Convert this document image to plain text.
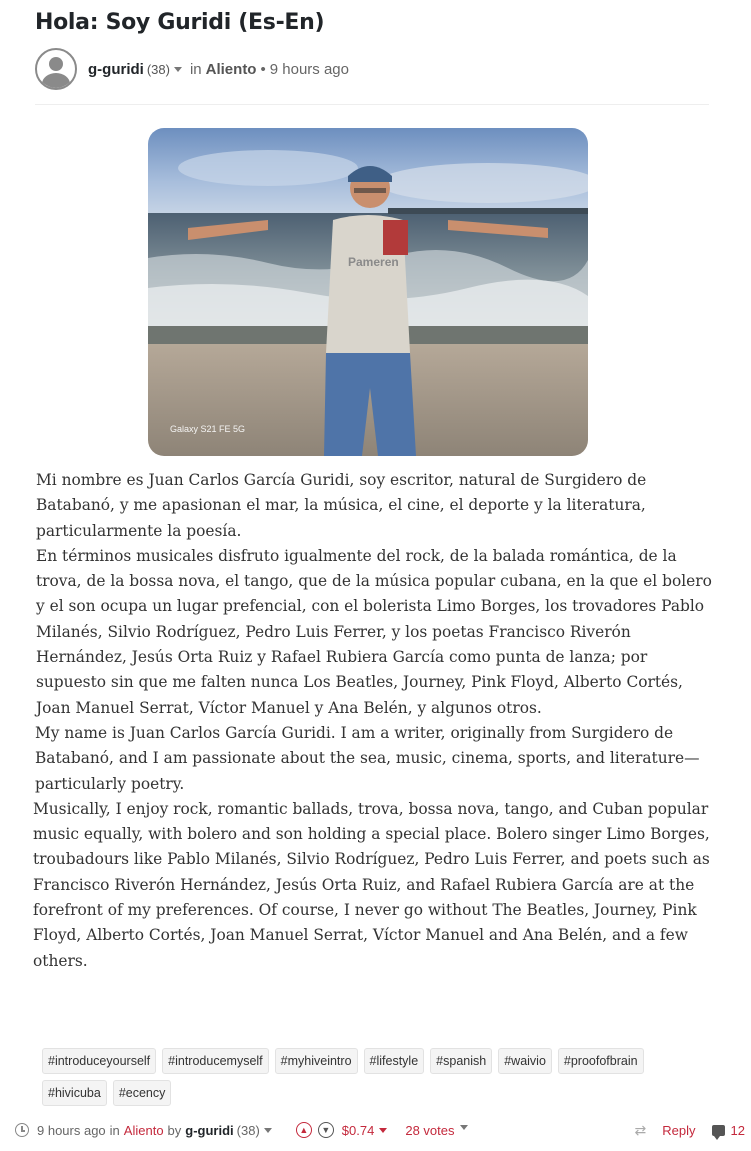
Hola: Soy Guridi (Es-En)
g-guridi (38) in Aliento • 9 hours ago
Galaxy S21 FE 5G
Pameren

Mi nombre es Juan Carlos García Guridi, soy escritor, natural de Surgidero de Batabanó, y me apasionan el mar, la música, el cine, el deporte y la literatura, particularmente la poesía.

En términos musicales disfruto igualmente del rock, de la balada romántica, de la trova, de la bossa nova, el tango, que de la música popular cubana, en la que el bolero y el son ocupa un lugar prefencial, con el bolerista Limo Borges, los trovadores Pablo Milanés, Silvio Rodríguez, Pedro Luis Ferrer, y los poetas Francisco Riverón Hernández, Jesús Orta Ruiz y Rafael Rubiera García como punta de lanza; por supuesto sin que me falten nunca Los Beatles, Journey, Pink Floyd, Alberto Cortés, Joan Manuel Serrat, Víctor Manuel y Ana Belén, y algunos otros.

My name is Juan Carlos García Guridi. I am a writer, originally from Surgidero de Batabanó, and I am passionate about the sea, music, cinema, sports, and literature—particularly poetry.

Musically, I enjoy rock, romantic ballads, trova, bossa nova, tango, and Cuban popular music equally, with bolero and son holding a special place. Bolero singer Limo Borges, troubadours like Pablo Milanés, Silvio Rodríguez, Pedro Luis Ferrer, and poets such as Francisco Riverón Hernández, Jesús Orta Ruiz, and Rafael Rubiera García are at the forefront of my preferences. Of course, I never go without The Beatles, Journey, Pink Floyd, Alberto Cortés, Joan Manuel Serrat, Víctor Manuel and Ana Belén, and a few others.

#introduceyourself	#introducemyself	#myhiveintro	#lifestyle	#spanish	#waivio	#proofofbrain
#hivicuba	#ecency
9 hours ago in Aliento by g-guridi (38)	▲	▼ $0.74 28 votes	⇄ Reply	12
